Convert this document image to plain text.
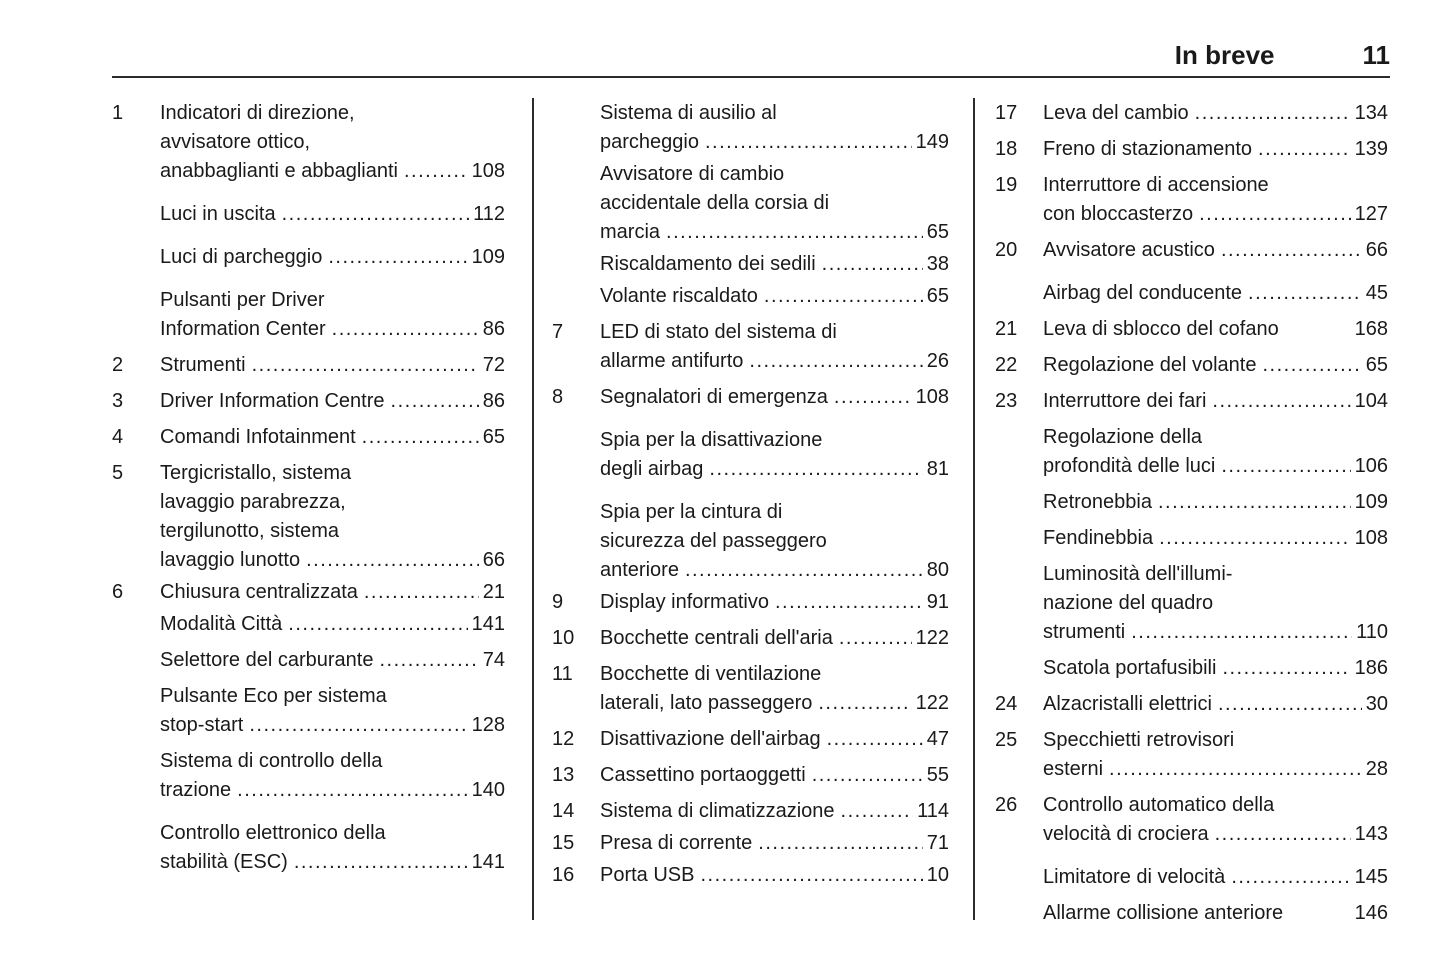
In breve	11
1 Indicatori di direzione,
avvisatore ottico,
anabbaglianti e abbaglianti .....	108
Luci in uscita .....	112
Luci di parcheggio .....	109
Pulsanti per Driver
Information Center .....	86
2 Strumenti .....	72
3 Driver Information Centre .....	86
4 Comandi Infotainment .....	65
5 Tergicristallo, sistema
lavaggio parabrezza,
tergilunotto, sistema
lavaggio lunotto .....	66
6 Chiusura centralizzata .....	21
Modalità Città .....	141
Selettore del carburante .....	74
Pulsante Eco per sistema
stop-start .....	128
Sistema di controllo della
trazione .....	140
Controllo elettronico della
stabilità (ESC) .....	141
Sistema di ausilio al
parcheggio .....	149
Avvisatore di cambio
accidentale della corsia di
marcia .....	65
Riscaldamento dei sedili .....	38
Volante riscaldato .....	65
7 LED di stato del sistema di
allarme antifurto .....	26
8 Segnalatori di emergenza .....	108
Spia per la disattivazione
degli airbag .....	81
Spia per la cintura di
sicurezza del passeggero
anteriore .....	80
9 Display informativo .....	91
10 Bocchette centrali dell'aria .....	122
11 Bocchette di ventilazione
laterali, lato passeggero .....	122
12 Disattivazione dell'airbag .....	47
13 Cassettino portaoggetti .....	55
14 Sistema di climatizzazione .....	114
15 Presa di corrente .....	71
16 Porta USB .....	10
17 Leva del cambio .....	134
18 Freno di stazionamento .....	139
19 Interruttore di accensione
con bloccasterzo .....	127
20 Avvisatore acustico .....	66
Airbag del conducente .....	45
21 Leva di sblocco del cofano	168
22 Regolazione del volante .....	65
23 Interruttore dei fari .....	104
Regolazione della
profondità delle luci .....	106
Retronebbia .....	109
Fendinebbia .....	108
Luminosità dell'illumi-
nazione del quadro
strumenti .....	110
Scatola portafusibili .....	186
24 Alzacristalli elettrici .....	30
25 Specchietti retrovisori
esterni .....	28
26 Controllo automatico della
velocità di crociera .....	143
Limitatore di velocità .....	145
Allarme collisione anteriore	146
